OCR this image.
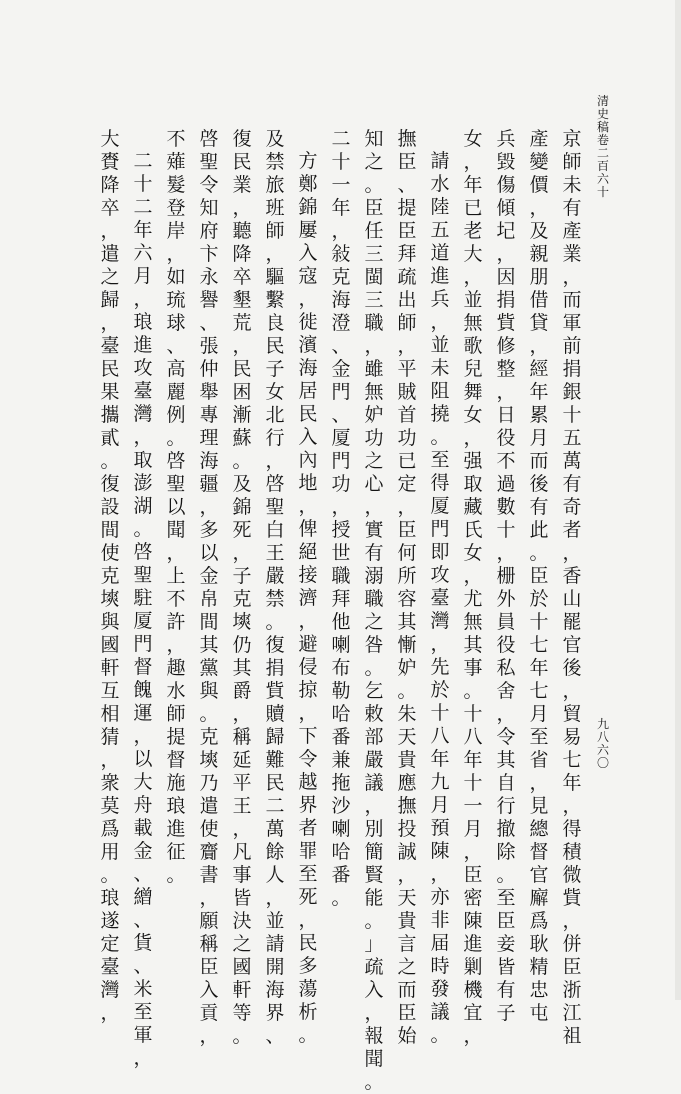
清
史
稿
卷
二
百
六
十
九
八
六
〇
京
師
未
有
產
業
，
而
軍
前
捐
銀
十
五
萬
有
奇
者
，
香
山
罷
官
後
，
貿
易
七
年
，
得
積
微
貲
，
併
臣
浙
江
祖
產
變
價
，
及
親
朋
借
貸
，
經
年
累
月
而
後
有
此
。
臣
於
十
七
年
七
月
至
省
，
見
總
督
官
廨
爲
耿
精
忠
屯
兵
毀
傷
傾
圮
，
因
捐
貲
修
整
，
日
役
不
過
數
十
，
栅
外
員
役
私
舍
，
令
其
自
行
撤
除
。
至
臣
妾
皆
有
子
女
，
年
已
老
大
，
並
無
歌
兒
舞
女
，
强
取
藏
氏
女
，
尤
無
其
事
。
十
八
年
十
一
月
，
臣
密
陳
進
剿
機
宜
，
請
水
陸
五
道
進
兵
，
並
未
阻
撓
。
至
得
厦
門
即
攻
臺
灣
，
先
於
十
八
年
九
月
預
陳
，
亦
非
届
時
發
議
。
撫
臣
、
提
臣
拜
疏
出
師
，
平
賊
首
功
已
定
，
臣
何
所
容
其
慚
妒
。
朱
天
貴
應
撫
投
誠
，
天
貴
言
之
而
臣
始
知
之
。
臣
任
三
閩
三
職
，
雖
無
妒
功
之
心
，
實
有
溺
職
之
咎
。
乞
敕
部
嚴
議
，
別
簡
賢
能
。
」
疏
入
，
報
聞
。
二
十
一
年
，
敍
克
海
澄
、
金
門
、
厦
門
功
，
授
世
職
拜
他
喇
布
勒
哈
番
兼
拖
沙
喇
哈
番
。
方
鄭
錦
屢
入
寇
，
徙
濱
海
居
民
入
內
地
，
俾
絕
接
濟
，
避
侵
掠
，
下
令
越
界
者
罪
至
死
，
民
多
蕩
析
。
及
禁
旅
班
師
，
驅
繫
良
民
子
女
北
行
，
啓
聖
白
王
嚴
禁
。
復
捐
貲
贖
歸
難
民
二
萬
餘
人
，
並
請
開
海
界
、
復
民
業
，
聽
降
卒
墾
荒
，
民
困
漸
蘇
。
及
錦
死
，
子
克
塽
仍
其
爵
，
稱
延
平
王
，
凡
事
皆
決
之
國
軒
等
。
啓
聖
令
知
府
卞
永
譽
、
張
仲
舉
專
理
海
疆
，
多
以
金
帛
間
其
黨
與
。
克
塽
乃
遣
使
齎
書
，
願
稱
臣
入
貢
，
不
薙
髮
登
岸
，
如
琉
球
、
高
麗
例
。
啓
聖
以
聞
，
上
不
許
，
趣
水
師
提
督
施
琅
進
征
。
二
十
二
年
六
月
，
琅
進
攻
臺
灣
，
取
澎
湖
。
啓
聖
駐
厦
門
督
餽
運
，
以
大
舟
載
金
、
繒
、
貨
、
米
至
軍
，
大
賚
降
卒
，
遣
之
歸
，
臺
民
果
攜
貳
。
復
設
間
使
克
塽
與
國
軒
互
相
猜
，
衆
莫
爲
用
。
琅
遂
定
臺
灣
，
